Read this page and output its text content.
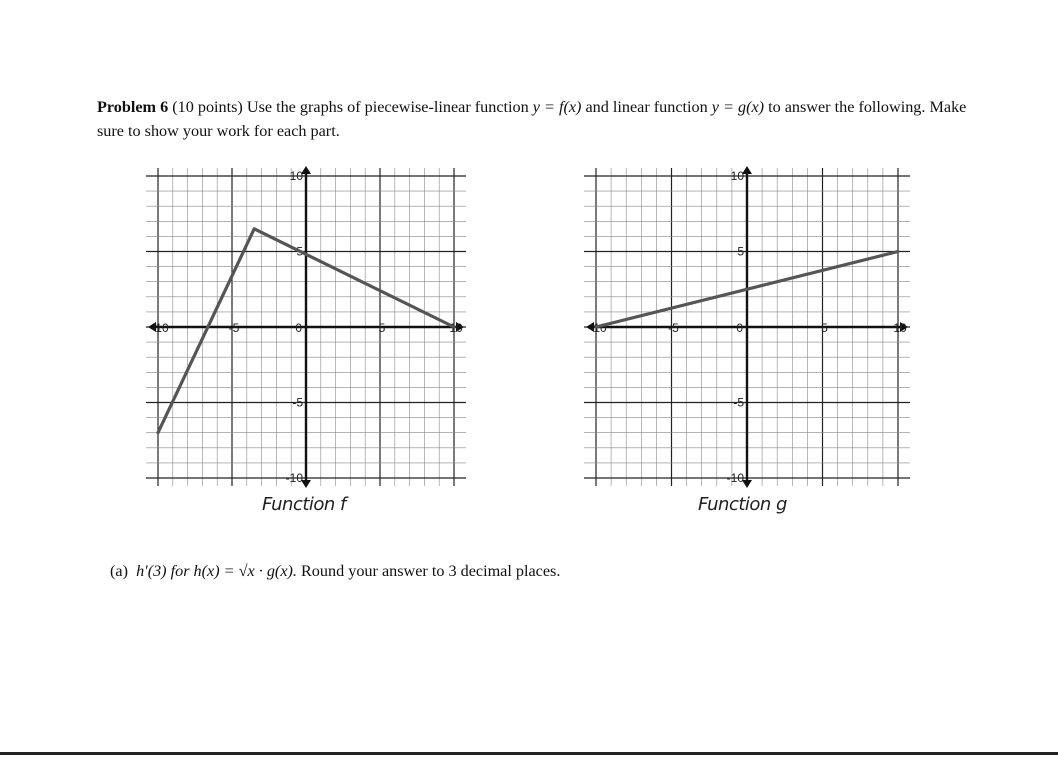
Problem 6 (10 points) Use the graphs of piecewise-linear function y = f(x) and linear function y = g(x) to answer the following. Make sure to show your work for each part.

-10	-5	0	5	10
10
5
-5
-10
Function f
-10	-5	0	5	10
10
5
-5
-10
Function g

(a) h′(3) for h(x) = √x · g(x). Round your answer to 3 decimal places.
